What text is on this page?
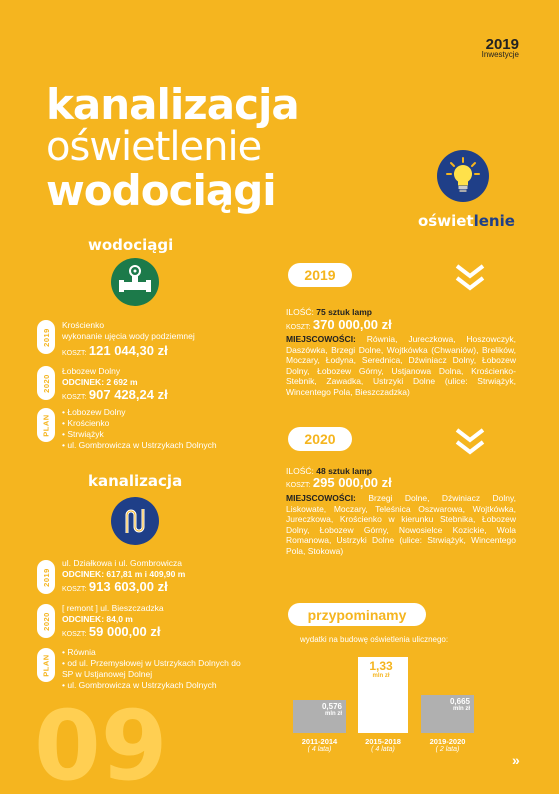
2019
Inwestycje
kanalizacja
oświetlenie
wodociągi
oświetlenie
wodociągi
2019
Krościenko
wykonanie ujęcia wody podziemnej
KOSZT: 121 044,30 zł
2020
Łobozew Dolny
ODCINEK: 2 692 m
KOSZT: 907 428,24 zł
PLAN
• Łobozew Dolny
• Krościenko
• Strwiążyk
• ul. Gombrowicza w Ustrzykach Dolnych
kanalizacja
2019
ul. Działkowa i ul. Gombrowicza
ODCINEK: 617,81 m i 409,90 m
KOSZT: 913 603,00 zł
2020
[ remont ] ul. Bieszczadzka
ODCINEK: 84,0 m
KOSZT: 59 000,00 zł
PLAN
• Równia
• od ul. Przemysłowej w Ustrzykach Dolnych do SP w Ustjanowej Dolnej
• ul. Gombrowicza w Ustrzykach Dolnych
2019
ILOŚĆ: 75 sztuk lamp
KOSZT: 370 000,00 zł
MIEJSCOWOŚCI: Równia, Jureczkowa, Hoszowczyk, Daszówka, Brzegi Dolne, Wojtkówka (Chwaniów), Brelików, Moczary, Łodyna, Serednica, Dźwiniacz Dolny, Łobozew Dolny, Łobozew Górny, Ustjanowa Dolna, Krościenko-Stebnik, Zawadka, Ustrzyki Dolne (ulice: Strwiążyk, Wincentego Pola, Bieszczadzka)
2020
ILOŚĆ: 48 sztuk lamp
KOSZT: 295 000,00 zł
MIEJSCOWOŚCI: Brzegi Dolne, Dźwiniacz Dolny, Liskowate, Moczary, Teleśnica Oszwarowa, Wojtkówka, Jureczkowa, Krościenko w kierunku Stebnika, Łobozew Dolny, Łobozew Górny, Nowosielce Kozickie, Wola Romanowa, Ustrzyki Dolne (ulice: Strwiążyk, Wincentego Pola, Stokowa)
przypominamy
wydatki na budowę oświetlenia ulicznego:
0,576
mln zł
2011-2014
( 4 lata)
1,33
mln zł
2015-2018
( 4 lata)
0,665
mln zł
2019-2020
( 2 lata)
09	»
